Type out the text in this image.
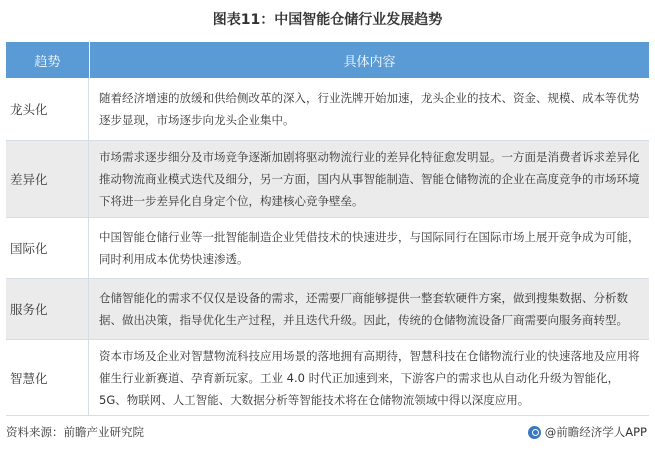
图表11：中国智能仓储行业发展趋势
趋势	具体内容
龙头化
随着经济增速的放缓和供给侧改革的深入，行业洗牌开始加速，龙头企业的技术、资金、规模、成本等优势逐步显现，市场逐步向龙头企业集中。
差异化
市场需求逐步细分及市场竞争逐渐加剧将驱动物流行业的差异化特征愈发明显。一方面是消费者诉求差异化推动物流商业模式迭代及细分，另一方面，国内从事智能制造、智能仓储物流的企业在高度竞争的市场环境下将进一步差异化自身定个位，构建核心竞争壁垒。
国际化
中国智能仓储行业等一批智能制造企业凭借技术的快速进步，与国际同行在国际市场上展开竞争成为可能，同时利用成本优势快速渗透。
服务化
仓储智能化的需求不仅仅是设备的需求，还需要厂商能够提供一整套软硬件方案，做到搜集数据、分析数据、做出决策，指导优化生产过程，并且迭代升级。因此，传统的仓储物流设备厂商需要向服务商转型。
智慧化
资本市场及企业对智慧物流科技应用场景的落地拥有高期待，智慧科技在仓储物流行业的快速落地及应用将催生行业新赛道、孕育新玩家。工业 4.0 时代正加速到来，下游客户的需求也从自动化升级为智能化，5G、物联网、人工智能、大数据分析等智能技术将在仓储物流领域中得以深度应用。
资料来源：前瞻产业研究院	@前瞻经济学人APP
